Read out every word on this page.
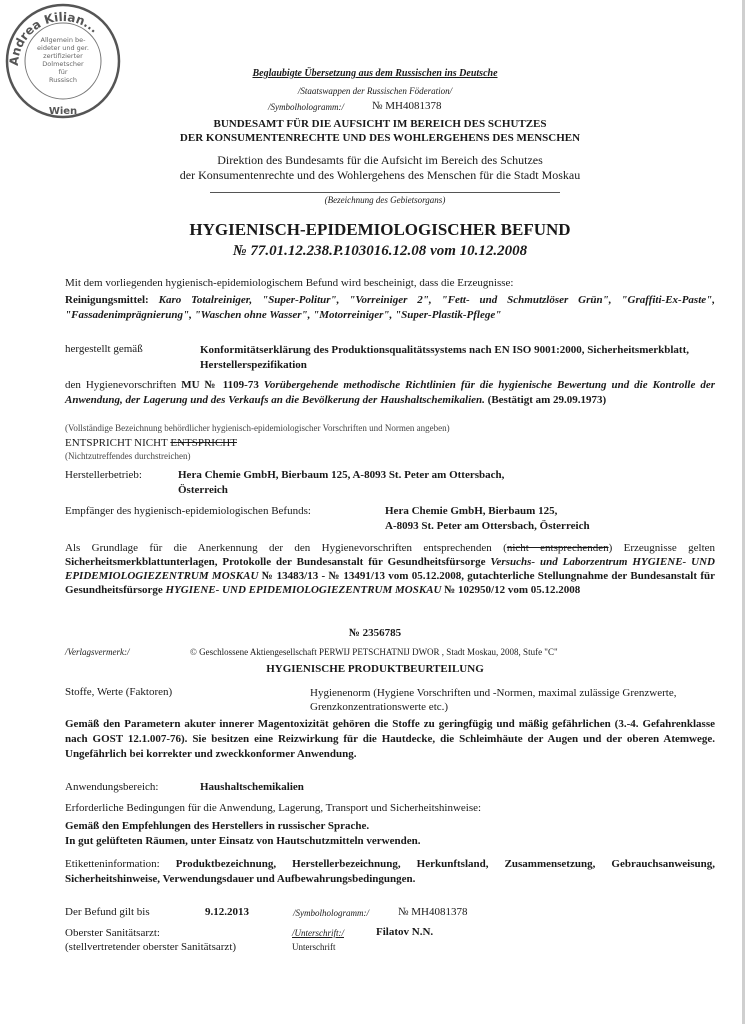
Andrea Kilian...
Wien
Allgemein be-
eideter und ger.
zertifizierter
Dolmetscher
für
Russisch
Beglaubigte Übersetzung aus dem Russischen ins Deutsche
/Staatswappen der Russischen Föderation/
/Symbolhologramm:/	№ MH4081378
BUNDESAMT FÜR DIE AUFSICHT IM BEREICH DES SCHUTZES
DER KONSUMENTENRECHTE UND DES WOHLERGEHENS DES MENSCHEN
Direktion des Bundesamts für die Aufsicht im Bereich des Schutzes
der Konsumentenrechte und des Wohlergehens des Menschen für die Stadt Moskau
(Bezeichnung des Gebietsorgans)
HYGIENISCH-EPIDEMIOLOGISCHER BEFUND
№ 77.01.12.238.P.103016.12.08 vom 10.12.2008
Mit dem vorliegenden hygienisch-epidemiologischem Befund wird bescheinigt, dass die Erzeugnisse:
Reinigungsmittel: Karo Totalreiniger, "Super-Politur", "Vorreiniger 2", "Fett- und Schmutzlöser Grün", "Graffiti-Ex-Paste", "Fassadenimprägnierung", "Waschen ohne Wasser", "Motorreiniger", "Super-Plastik-Pflege"
hergestellt gemäß	Konformitätserklärung des Produktionsqualitätssystems nach EN ISO 9001:2000, Sicherheitsmerkblatt, Herstellerspezifikation
den Hygienevorschriften MU № 1109-73 Vorübergehende methodische Richtlinien für die hygienische Bewertung und die Kontrolle der Anwendung, der Lagerung und des Verkaufs an die Bevölkerung der Haushaltschemikalien. (Bestätigt am 29.09.1973)
(Vollständige Bezeichnung behördlicher hygienisch-epidemiologischer Vorschriften und Normen angeben)
ENTSPRICHT NICHT ENTSPRICHT
(Nichtzutreffendes durchstreichen)
Herstellerbetrieb:	Hera Chemie GmbH, Bierbaum 125, A-8093 St. Peter am Ottersbach,
Österreich
Empfänger des hygienisch-epidemiologischen Befunds:	Hera Chemie GmbH, Bierbaum 125,
A-8093 St. Peter am Ottersbach, Österreich
Als Grundlage für die Anerkennung der den Hygienevorschriften entsprechenden (nicht entsprechenden) Erzeugnisse gelten Sicherheitsmerkblattunterlagen, Protokolle der Bundesanstalt für Gesundheitsfürsorge Versuchs- und Laborzentrum HYGIENE- UND EPIDEMIOLOGIEZENTRUM MOSKAU № 13483/13 - № 13491/13 vom 05.12.2008, gutachterliche Stellungnahme der Bundesanstalt für Gesundheitsfürsorge HYGIENE- UND EPIDEMIOLOGIEZENTRUM MOSKAU № 102950/12 vom 05.12.2008
№ 2356785
/Verlagsvermerk:/	© Geschlossene Aktiengesellschaft PERWIJ PETSCHATNIJ DWOR , Stadt Moskau, 2008, Stufe "C"
HYGIENISCHE PRODUKTBEURTEILUNG
Stoffe, Werte (Faktoren)	Hygienenorm (Hygiene Vorschriften und -Normen, maximal zulässige Grenzwerte, Grenzkonzentrationswerte etc.)
Gemäß den Parametern akuter innerer Magentoxizität gehören die Stoffe zu geringfügig und mäßig gefährlichen (3.-4. Gefahrenklasse nach GOST 12.1.007-76). Sie besitzen eine Reizwirkung für die Hautdecke, die Schleimhäute der Augen und der oberen Atemwege. Ungefährlich bei korrekter und zweckkonformer Anwendung.
Anwendungsbereich:	Haushaltschemikalien
Erforderliche Bedingungen für die Anwendung, Lagerung, Transport und Sicherheitshinweise:
Gemäß den Empfehlungen des Herstellers in russischer Sprache.
In gut gelüfteten Räumen, unter Einsatz von Hautschutzmitteln verwenden.
Etiketteninformation: Produktbezeichnung, Herstellerbezeichnung, Herkunftsland, Zusammensetzung, Gebrauchsanweisung, Sicherheitshinweise, Verwendungsdauer und Aufbewahrungsbedingungen.
Der Befund gilt bis	9.12.2013	/Symbolhologramm:/	№ MH4081378
Oberster Sanitätsarzt:
(stellvertretender oberster Sanitätsarzt)
/Unterschrift:/	Filatov N.N.
Unterschrift
